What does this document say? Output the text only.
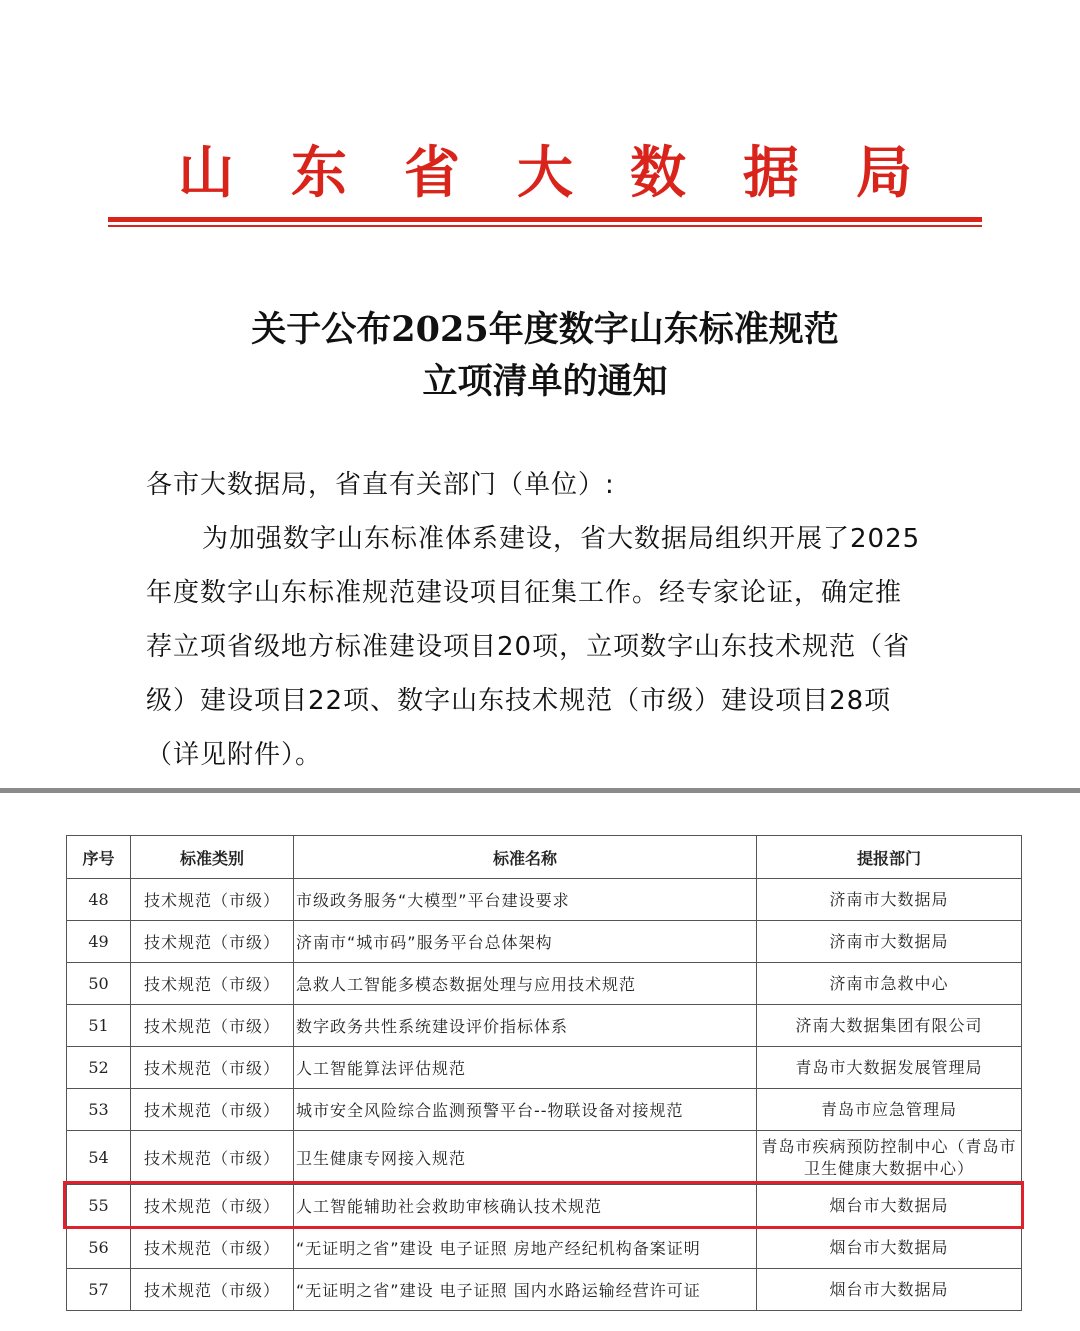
山 东 省 大 数 据 局
关于公布2025年度数字山东标准规范
立项清单的通知
各市大数据局，省直有关部门（单位）:
为加强数字山东标准体系建设，省大数据局组织开展了2025
年度数字山东标准规范建设项目征集工作。经专家论证，确定推
荐立项省级地方标准建设项目20项，立项数字山东技术规范（省
级）建设项目22项、数字山东技术规范（市级）建设项目28项
（详见附件）。
序号	标准类别	标准名称	提报部门
48	技术规范（市级）	市级政务服务“大模型”平台建设要求	济南市大数据局
49	技术规范（市级）	济南市“城市码”服务平台总体架构	济南市大数据局
50	技术规范（市级）	急救人工智能多模态数据处理与应用技术规范	济南市急救中心
51	技术规范（市级）	数字政务共性系统建设评价指标体系	济南大数据集团有限公司
52	技术规范（市级）	人工智能算法评估规范	青岛市大数据发展管理局
53	技术规范（市级）	城市安全风险综合监测预警平台--物联设备对接规范	青岛市应急管理局
54	技术规范（市级）	卫生健康专网接入规范	青岛市疾病预防控制中心（青岛市卫生健康大数据中心）
55	技术规范（市级）	人工智能辅助社会救助审核确认技术规范	烟台市大数据局
56	技术规范（市级）	“无证明之省”建设 电子证照 房地产经纪机构备案证明	烟台市大数据局
57	技术规范（市级）	“无证明之省”建设 电子证照 国内水路运输经营许可证	烟台市大数据局
